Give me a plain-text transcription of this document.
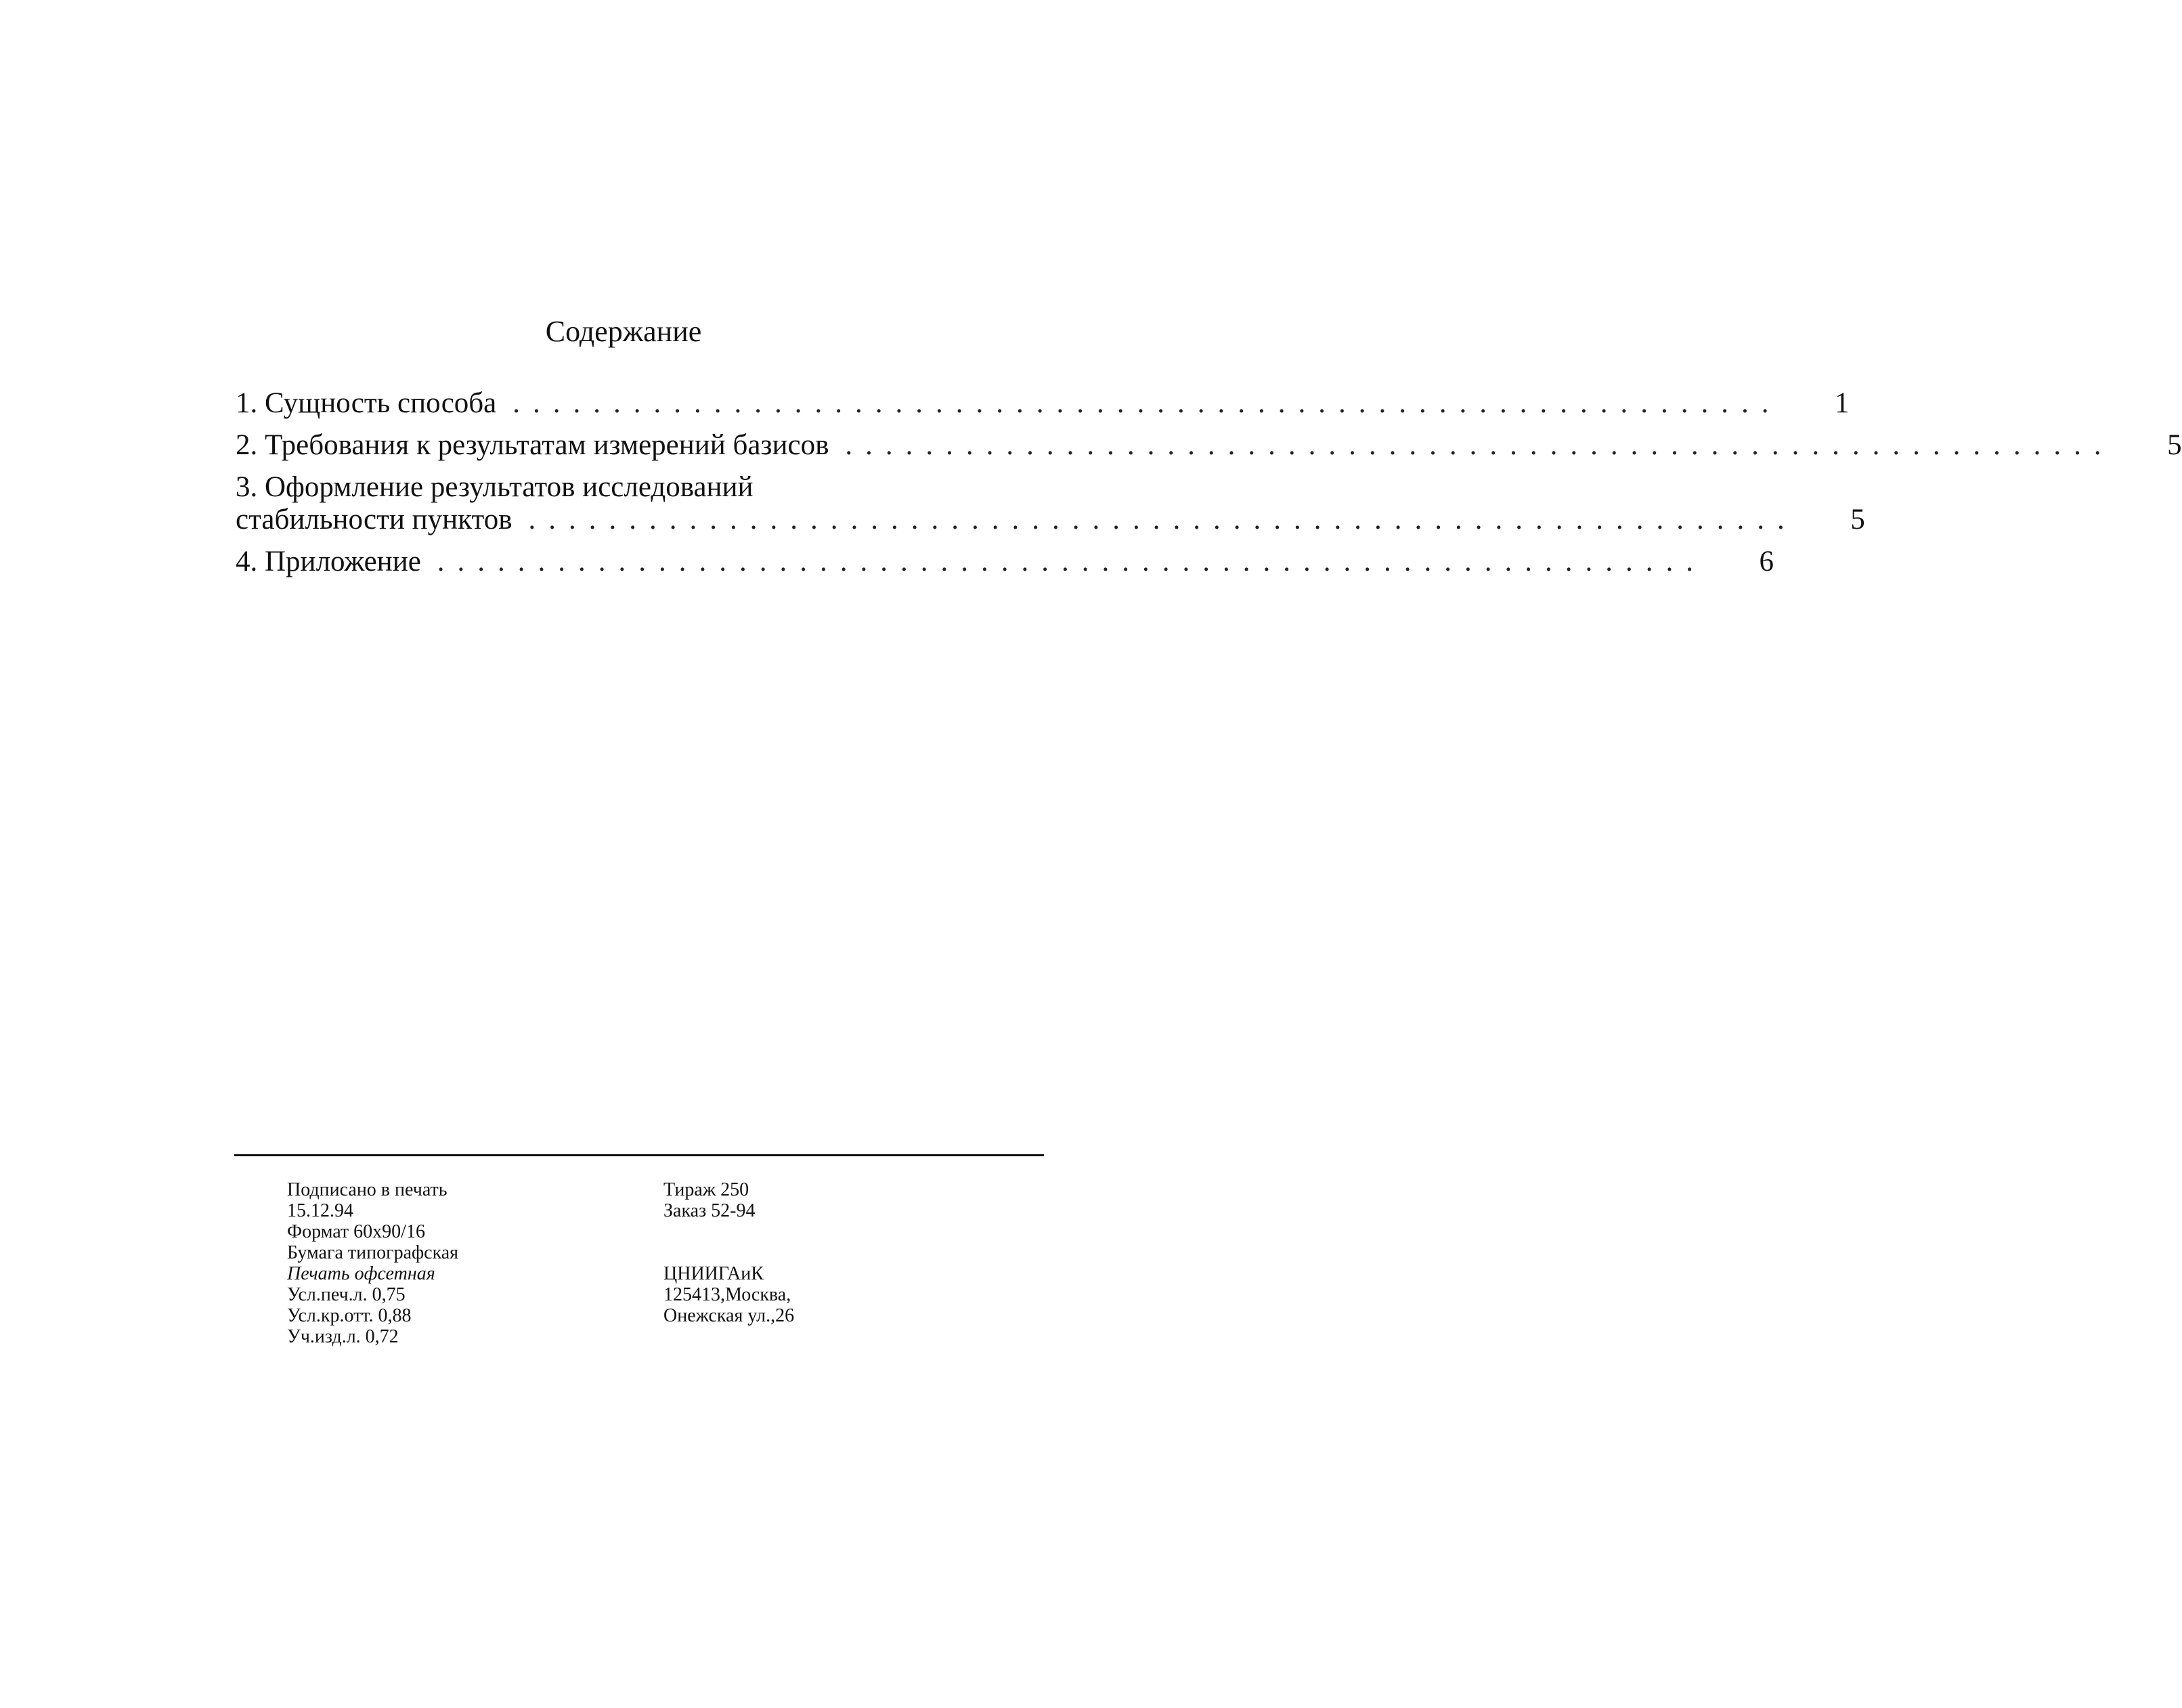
Содержание
1. Сущность способа ...............................................................	1
2. Требования к результатам измерений базисов ...............................................................	5
3. Оформление результатов исследований
стабильности пунктов ...............................................................	5
4. Приложение ...............................................................	6
Подписано в печать
15.12.94
Формат 60x90/16
Бумага типографская
Печать офсетная
Усл.печ.л. 0,75
Усл.кр.отт. 0,88
Уч.изд.л. 0,72
Тираж 250
Заказ 52-94
ЦНИИГАиК
125413,Москва,
Онежская ул.,26
